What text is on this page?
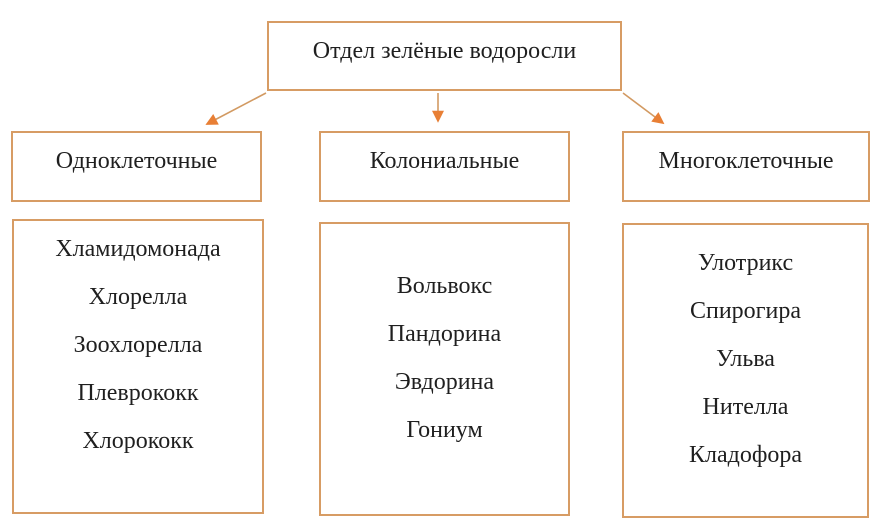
Отдел зелёные водоросли
Одноклеточные	Колониальные	Многоклеточные
Хламидомонада
Хлорелла
Зоохлорелла
Плеврококк
Хлорококк
Вольвокс
Пандорина
Эвдорина
Гониум
Улотрикс
Спирогира
Ульва
Нителла
Кладофора
